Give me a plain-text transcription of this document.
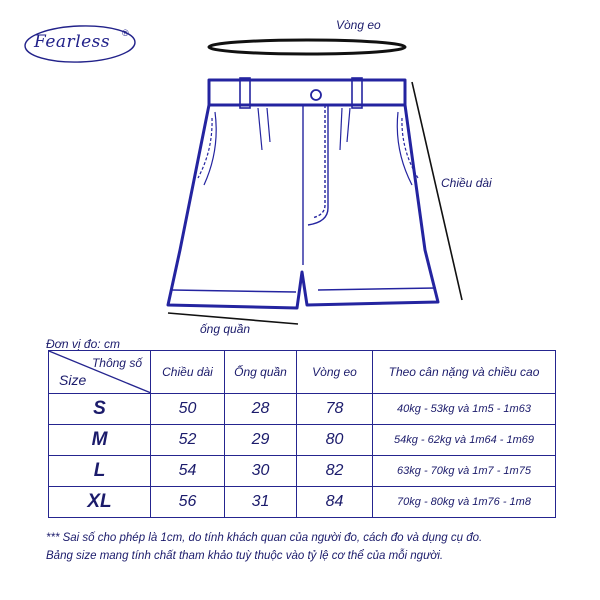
Fearless ®
Vòng eo
Chiều dài
ống quần
Đơn vị đo: cm
Thông số
Size	Chiều dài	Ống quần	Vòng eo	Theo cân nặng và chiều cao
S	50	28	78	40kg - 53kg và 1m5 - 1m63
M	52	29	80	54kg - 62kg và 1m64 - 1m69
L	54	30	82	63kg - 70kg và 1m7 - 1m75
XL	56	31	84	70kg - 80kg và 1m76 - 1m8
*** Sai số cho phép là 1cm, do tính khách quan của người đo, cách đo và dụng cụ đo.
Bảng size mang tính chất tham khảo tuỳ thuộc vào tỷ lệ cơ thể của mỗi người.
